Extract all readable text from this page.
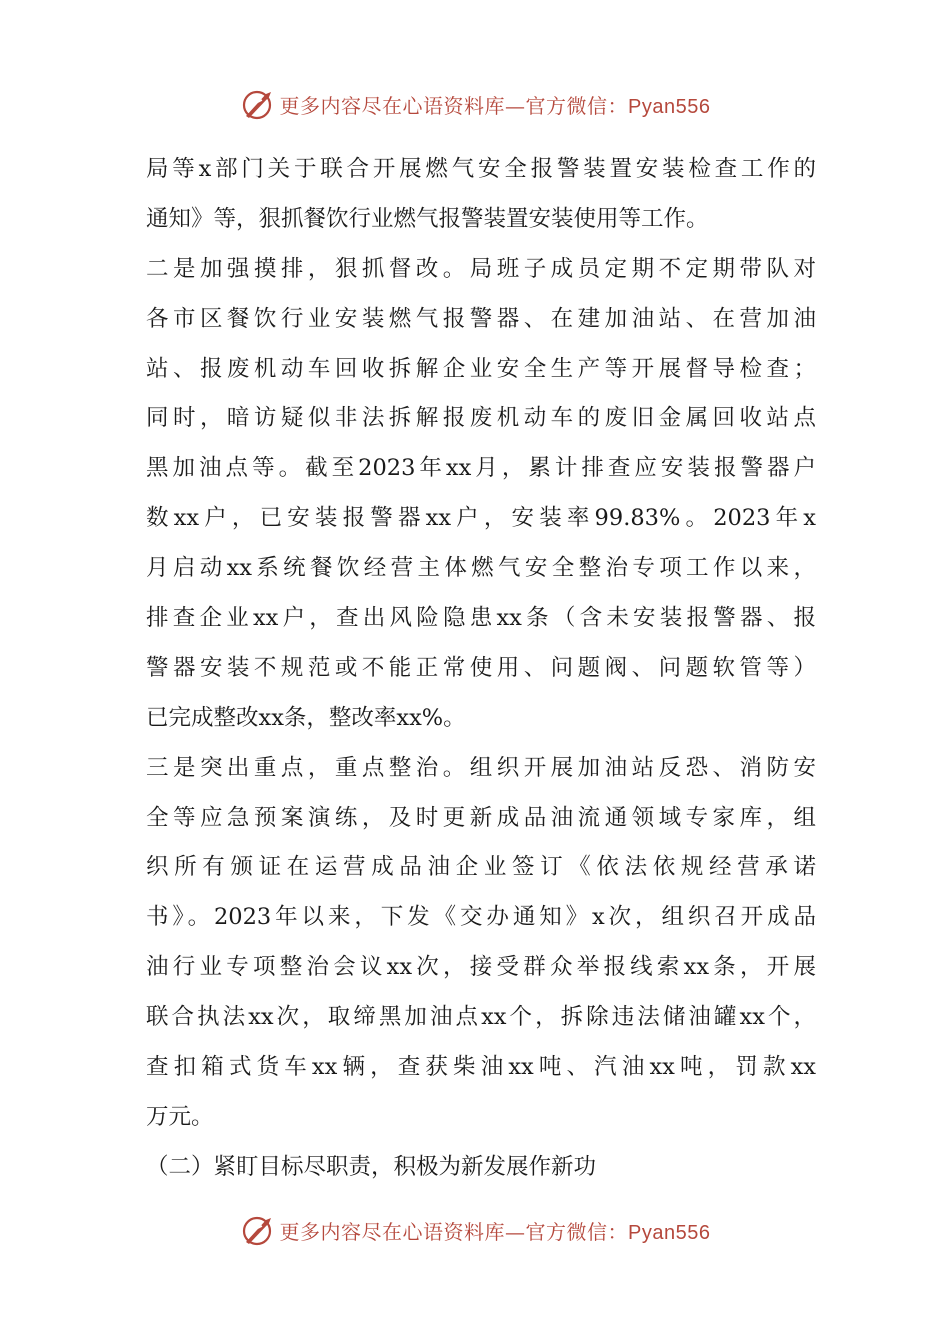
更多内容尽在心语资料库—官方微信：Pyan556
局等x部门关于联合开展燃气安全报警装置安装检查工作的
通知》等，狠抓餐饮行业燃气报警装置安装使用等工作。
二是加强摸排，狠抓督改。局班子成员定期不定期带队对
各市区餐饮行业安装燃气报警器、在建加油站、在营加油
站、报废机动车回收拆解企业安全生产等开展督导检查；
同时，暗访疑似非法拆解报废机动车的废旧金属回收站点
黑加油点等。截至2023年xx月，累计排查应安装报警器户
数xx户，已安装报警器xx户，安装率99.83%。2023年x
月启动xx系统餐饮经营主体燃气安全整治专项工作以来，
排查企业xx户，查出风险隐患xx条（含未安装报警器、报
警器安装不规范或不能正常使用、问题阀、问题软管等）
已完成整改xx条，整改率xx%。
三是突出重点，重点整治。组织开展加油站反恐、消防安
全等应急预案演练，及时更新成品油流通领域专家库，组
织所有颁证在运营成品油企业签订《依法依规经营承诺
书》。2023年以来，下发《交办通知》x次，组织召开成品
油行业专项整治会议xx次，接受群众举报线索xx条，开展
联合执法xx次，取缔黑加油点xx个，拆除违法储油罐xx个，
查扣箱式货车xx辆，查获柴油xx吨、汽油xx吨，罚款xx
万元。
（二）紧盯目标尽职责，积极为新发展作新功
更多内容尽在心语资料库—官方微信：Pyan556
